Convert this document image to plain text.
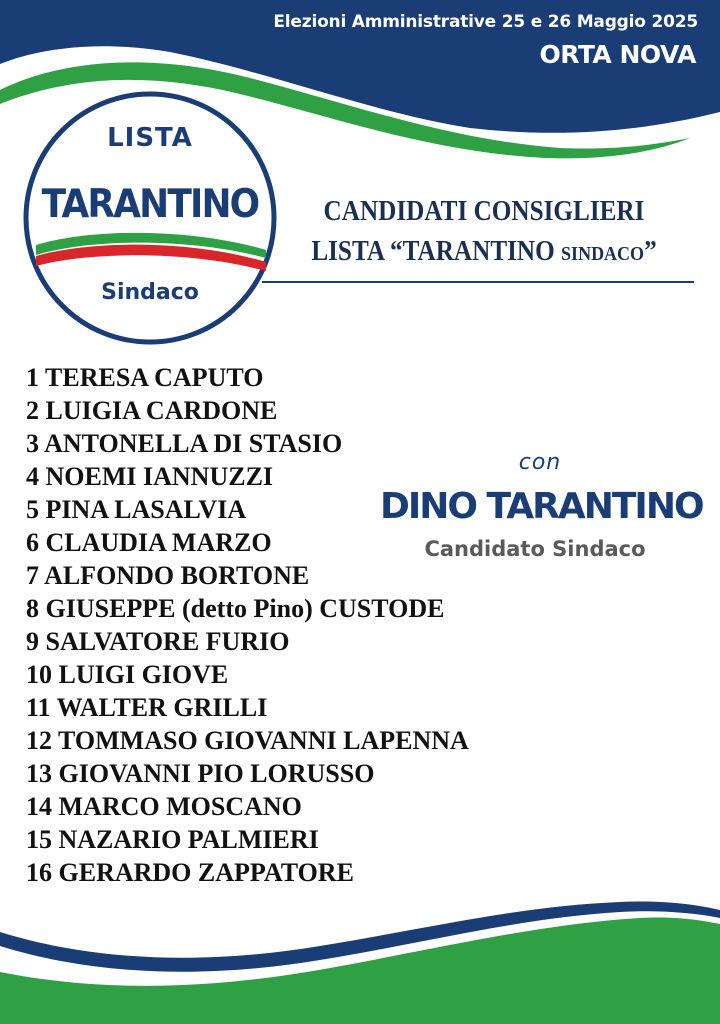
Elezioni Amministrative 25 e 26 Maggio 2025
ORTA NOVA
LISTA
TARANTINO
Sindaco
CANDIDATI CONSIGLIERI
LISTA “TARANTINO SINDACO”
1 TERESA CAPUTO
2 LUIGIA CARDONE
3 ANTONELLA DI STASIO
4 NOEMI IANNUZZI
5 PINA LASALVIA
6 CLAUDIA MARZO
7 ALFONDO BORTONE
8 GIUSEPPE (detto Pino) CUSTODE
9 SALVATORE FURIO
10 LUIGI GIOVE
11 WALTER GRILLI
12 TOMMASO GIOVANNI LAPENNA
13 GIOVANNI PIO LORUSSO
14 MARCO MOSCANO
15 NAZARIO PALMIERI
16 GERARDO ZAPPATORE
con
DINO TARANTINO
Candidato Sindaco
